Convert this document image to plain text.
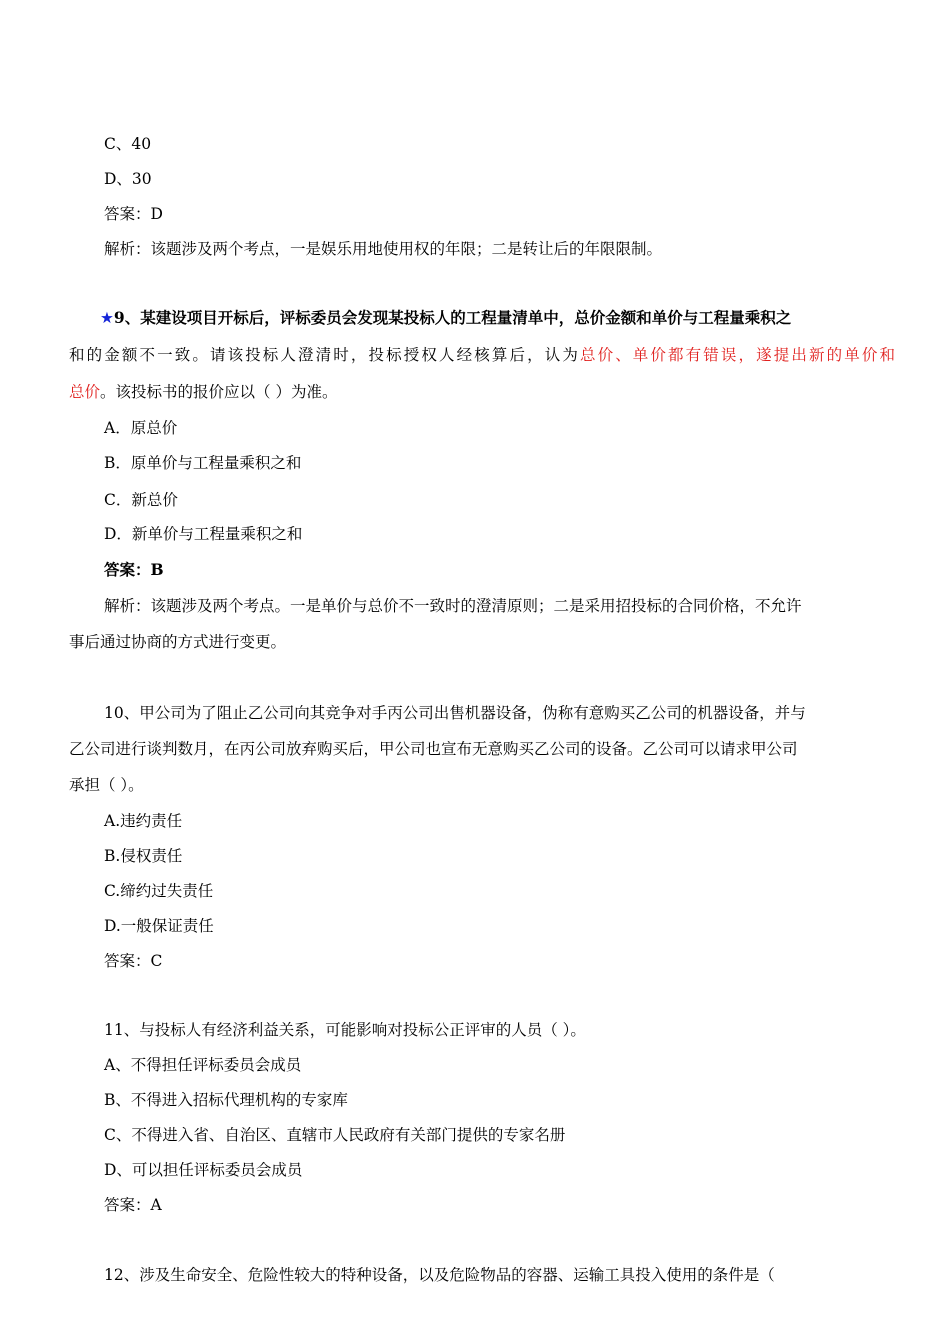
C、40
D、30
答案：D
解析：该题涉及两个考点，一是娱乐用地使用权的年限；二是转让后的年限限制。
★9、某建设项目开标后，评标委员会发现某投标人的工程量清单中，总价金额和单价与工程量乘积之
和的金额不一致。请该投标人澄清时，投标授权人经核算后，认为总价、单价都有错误，遂提出新的单价和
总价。该投标书的报价应以（ ）为准。
A．原总价
B．原单价与工程量乘积之和
C．新总价
D．新单价与工程量乘积之和
答案：B
解析：该题涉及两个考点。一是单价与总价不一致时的澄清原则；二是采用招投标的合同价格，不允许
事后通过协商的方式进行变更。
10、甲公司为了阻止乙公司向其竞争对手丙公司出售机器设备，伪称有意购买乙公司的机器设备，并与
乙公司进行谈判数月，在丙公司放弃购买后，甲公司也宣布无意购买乙公司的设备。乙公司可以请求甲公司
承担（ ）。
A.违约责任
B.侵权责任
C.缔约过失责任
D.一般保证责任
答案：C
11、与投标人有经济利益关系，可能影响对投标公正评审的人员（ ）。
A、不得担任评标委员会成员
B、不得进入招标代理机构的专家库
C、不得进入省、自治区、直辖市人民政府有关部门提供的专家名册
D、可以担任评标委员会成员
答案：A
12、涉及生命安全、危险性较大的特种设备，以及危险物品的容器、运输工具投入使用的条件是（
